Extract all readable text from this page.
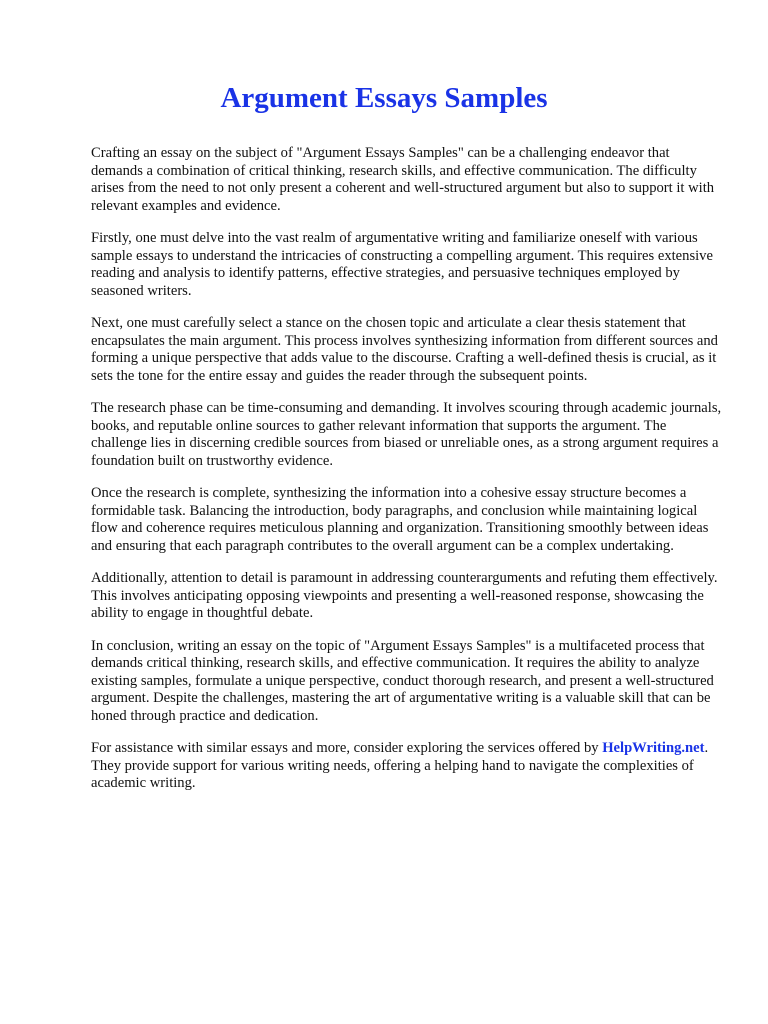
Argument Essays Samples

Crafting an essay on the subject of "Argument Essays Samples" can be a challenging endeavor that demands a combination of critical thinking, research skills, and effective communication. The difficulty arises from the need to not only present a coherent and well-structured argument but also to support it with relevant examples and evidence.

Firstly, one must delve into the vast realm of argumentative writing and familiarize oneself with various sample essays to understand the intricacies of constructing a compelling argument. This requires extensive reading and analysis to identify patterns, effective strategies, and persuasive techniques employed by seasoned writers.

Next, one must carefully select a stance on the chosen topic and articulate a clear thesis statement that encapsulates the main argument. This process involves synthesizing information from different sources and forming a unique perspective that adds value to the discourse. Crafting a well-defined thesis is crucial, as it sets the tone for the entire essay and guides the reader through the subsequent points.

The research phase can be time-consuming and demanding. It involves scouring through academic journals, books, and reputable online sources to gather relevant information that supports the argument. The challenge lies in discerning credible sources from biased or unreliable ones, as a strong argument requires a foundation built on trustworthy evidence.

Once the research is complete, synthesizing the information into a cohesive essay structure becomes a formidable task. Balancing the introduction, body paragraphs, and conclusion while maintaining logical flow and coherence requires meticulous planning and organization. Transitioning smoothly between ideas and ensuring that each paragraph contributes to the overall argument can be a complex undertaking.

Additionally, attention to detail is paramount in addressing counterarguments and refuting them effectively. This involves anticipating opposing viewpoints and presenting a well-reasoned response, showcasing the ability to engage in thoughtful debate.

In conclusion, writing an essay on the topic of "Argument Essays Samples" is a multifaceted process that demands critical thinking, research skills, and effective communication. It requires the ability to analyze existing samples, formulate a unique perspective, conduct thorough research, and present a well-structured argument. Despite the challenges, mastering the art of argumentative writing is a valuable skill that can be honed through practice and dedication.

For assistance with similar essays and more, consider exploring the services offered by HelpWriting.net. They provide support for various writing needs, offering a helping hand to navigate the complexities of academic writing.
